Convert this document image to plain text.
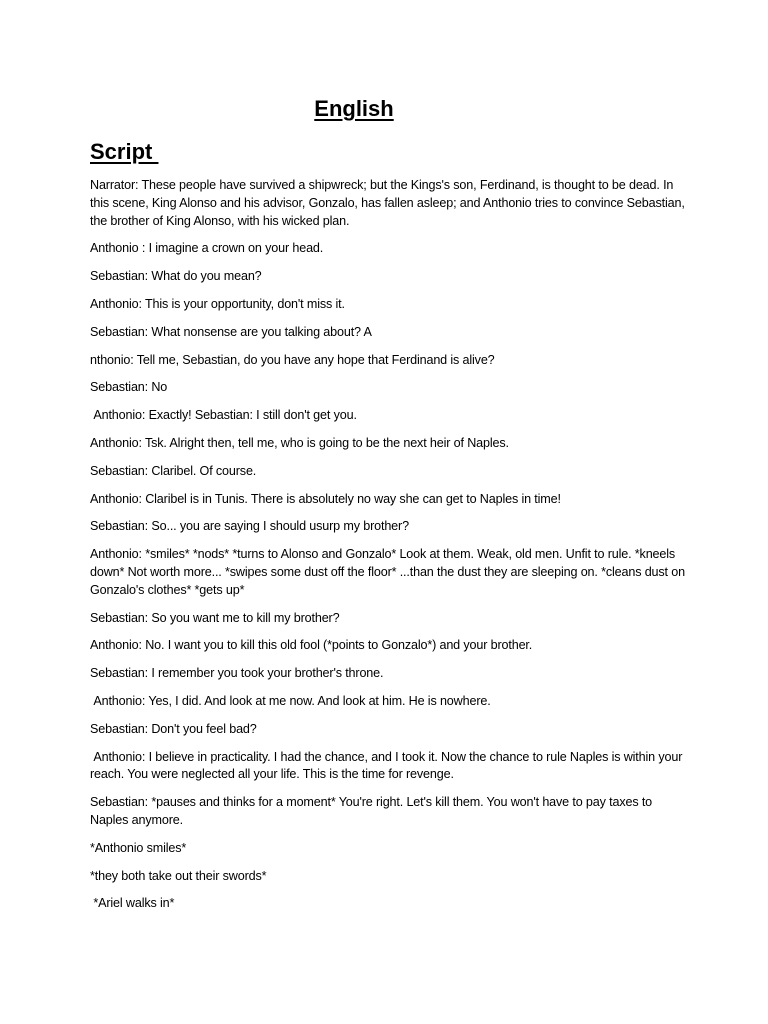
English
Script

Narrator: These people have survived a shipwreck; but the Kings's son, Ferdinand, is thought to be dead. In this scene, King Alonso and his advisor, Gonzalo, has fallen asleep; and Anthonio tries to convince Sebastian, the brother of King Alonso, with his wicked plan.

Anthonio : I imagine a crown on your head.

Sebastian: What do you mean?

Anthonio: This is your opportunity, don't miss it.

Sebastian: What nonsense are you talking about? A

nthonio: Tell me, Sebastian, do you have any hope that Ferdinand is alive?

Sebastian: No

Anthonio: Exactly! Sebastian: I still don't get you.

Anthonio: Tsk. Alright then, tell me, who is going to be the next heir of Naples.

Sebastian: Claribel. Of course.

Anthonio: Claribel is in Tunis. There is absolutely no way she can get to Naples in time!

Sebastian: So... you are saying I should usurp my brother?

Anthonio: *smiles* *nods* *turns to Alonso and Gonzalo* Look at them. Weak, old men. Unfit to rule. *kneels down* Not worth more... *swipes some dust off the floor* ...than the dust they are sleeping on. *cleans dust on Gonzalo's clothes* *gets up*

Sebastian: So you want me to kill my brother?

Anthonio: No. I want you to kill this old fool (*points to Gonzalo*) and your brother.

Sebastian: I remember you took your brother's throne.

Anthonio: Yes, I did. And look at me now. And look at him. He is nowhere.

Sebastian: Don't you feel bad?

Anthonio: I believe in practicality. I had the chance, and I took it. Now the chance to rule Naples is within your reach. You were neglected all your life. This is the time for revenge.

Sebastian: *pauses and thinks for a moment* You're right. Let's kill them. You won't have to pay taxes to Naples anymore.

*Anthonio smiles*

*they both take out their swords*

*Ariel walks in*
